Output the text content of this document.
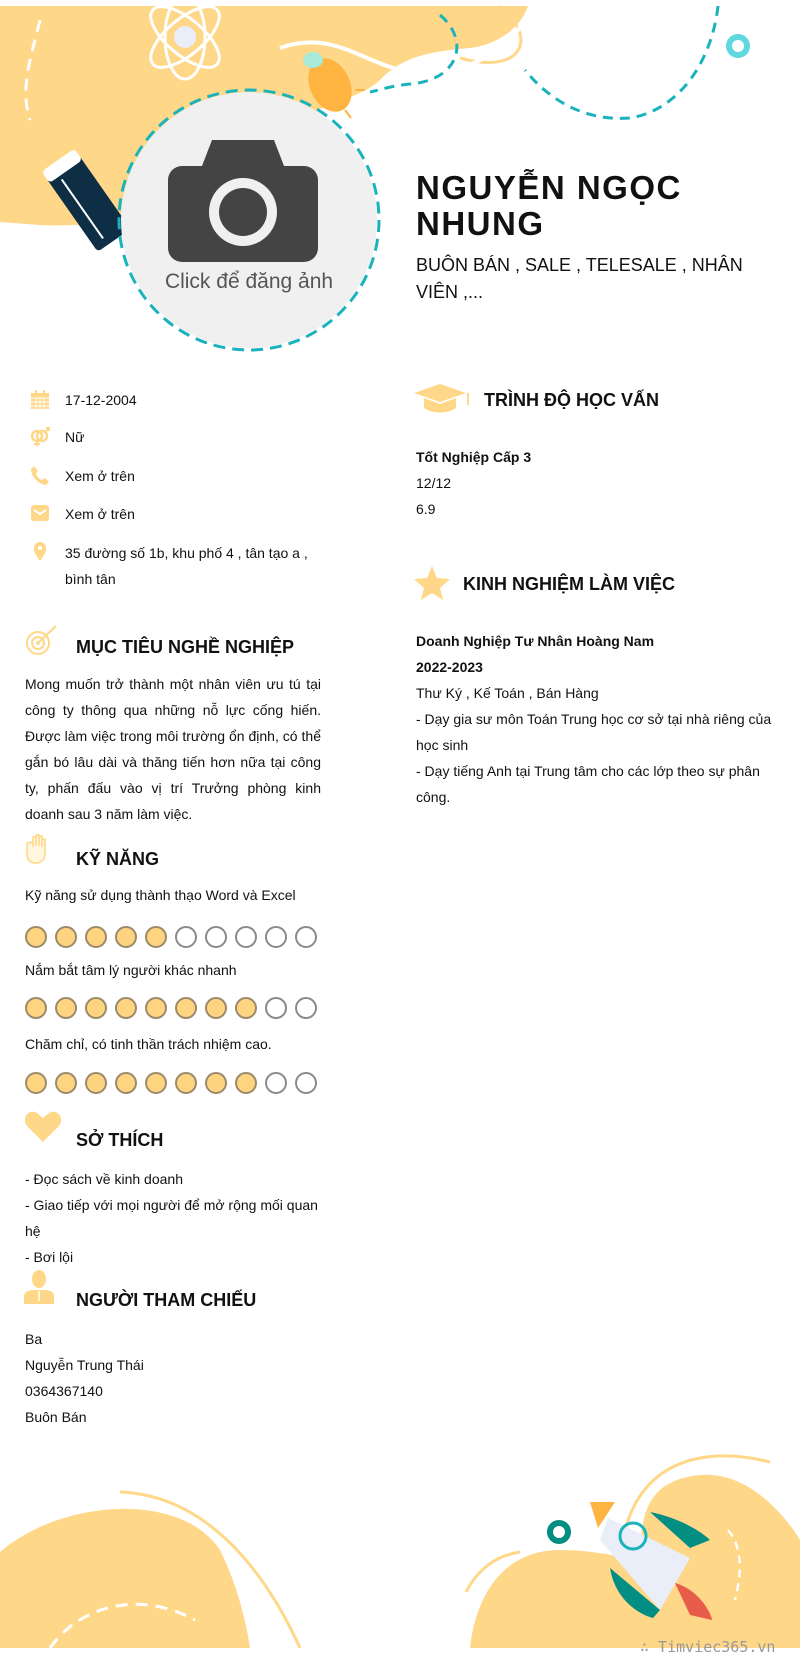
Click để đăng ảnh
NGUYỄN NGỌC NHUNG
BUÔN BÁN , SALE , TELESALE , NHÂN VIÊN ,...
17-12-2004
Nữ
Xem ở trên
Xem ở trên
35 đường số 1b, khu phố 4 , tân tạo a , bình tân
MỤC TIÊU NGHỀ NGHIỆP
Mong muốn trở thành một nhân viên ưu tú tại công ty thông qua những nỗ lực cống hiến. Được làm việc trong môi trường ổn định, có thể gắn bó lâu dài và thăng tiến hơn nữa tại công ty, phấn đấu vào vị trí Trưởng phòng kinh doanh sau 3 năm làm việc.
KỸ NĂNG
Kỹ năng sử dụng thành thạo Word và Excel
Nắm bắt tâm lý người khác nhanh
Chăm chỉ, có tinh thần trách nhiệm cao.
SỞ THÍCH
- Đọc sách về kinh doanh
- Giao tiếp với mọi người để mở rộng mối quan hệ
- Bơi lội
NGƯỜI THAM CHIẾU
Ba
Nguyễn Trung Thái
0364367140
Buôn Bán
TRÌNH ĐỘ HỌC VẤN
Tốt Nghiệp Cấp 3
12/12
6.9
KINH NGHIỆM LÀM VIỆC
Doanh Nghiệp Tư Nhân Hoàng Nam
2022-2023
Thư Ký , Kế Toán , Bán Hàng
- Dạy gia sư môn Toán Trung học cơ sở tại nhà riêng của học sinh
- Dạy tiếng Anh tại Trung tâm cho các lớp theo sự phân công.
∴ Timviec365.vn
